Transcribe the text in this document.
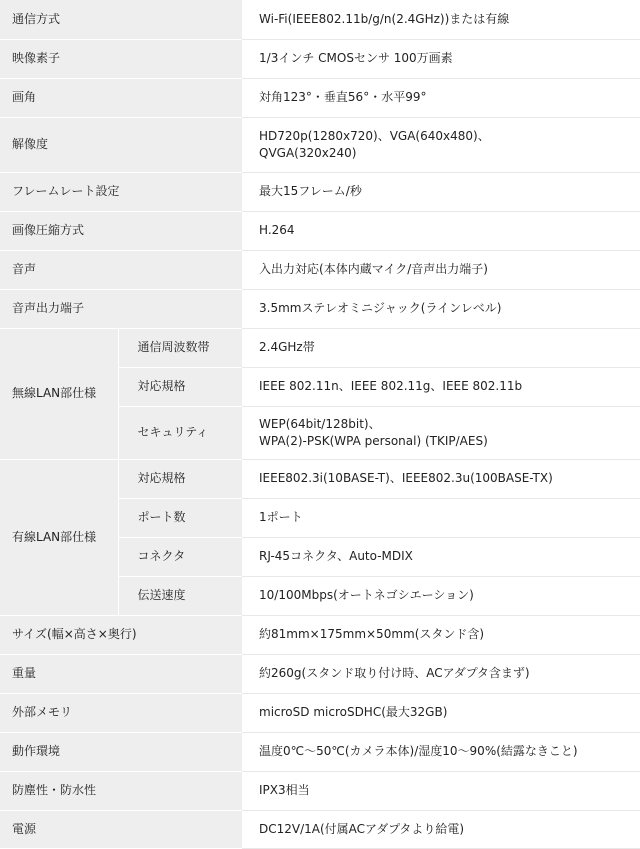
通信方式		Wi-Fi(IEEE802.11b/g/n(2.4GHz))または有線

映像素子		1/3インチ CMOSセンサ 100万画素

画角		対角123°・垂直56°・水平99°

解像度		HD720p(1280x720)、VGA(640x480)、
QVGA(320x240)

フレームレート設定		最大15フレーム/秒

画像圧縮方式		H.264

音声		入出力対応(本体内蔵マイク/音声出力端子)

音声出力端子		3.5mmステレオミニジャック(ラインレベル)

無線LAN部仕様	通信周波数帯	2.4GHz帯

	対応規格	IEEE 802.11n、IEEE 802.11g、IEEE 802.11b

	セキュリティ	WEP(64bit/128bit)、
WPA(2)-PSK(WPA personal) (TKIP/AES)

有線LAN部仕様	対応規格	IEEE802.3i(10BASE-T)、IEEE802.3u(100BASE-TX)

	ポート数	1ポート

	コネクタ	RJ-45コネクタ、Auto-MDIX

	伝送速度	10/100Mbps(オートネゴシエーション)

サイズ(幅×高さ×奥行)		約81mm×175mm×50mm(スタンド含)

重量		約260g(スタンド取り付け時、ACアダプタ含まず)

外部メモリ		microSD microSDHC(最大32GB)

動作環境		温度0℃〜50℃(カメラ本体)/湿度10〜90%(結露なきこと)

防塵性・防水性		IPX3相当

電源		DC12V/1A(付属ACアダプタより給電)
